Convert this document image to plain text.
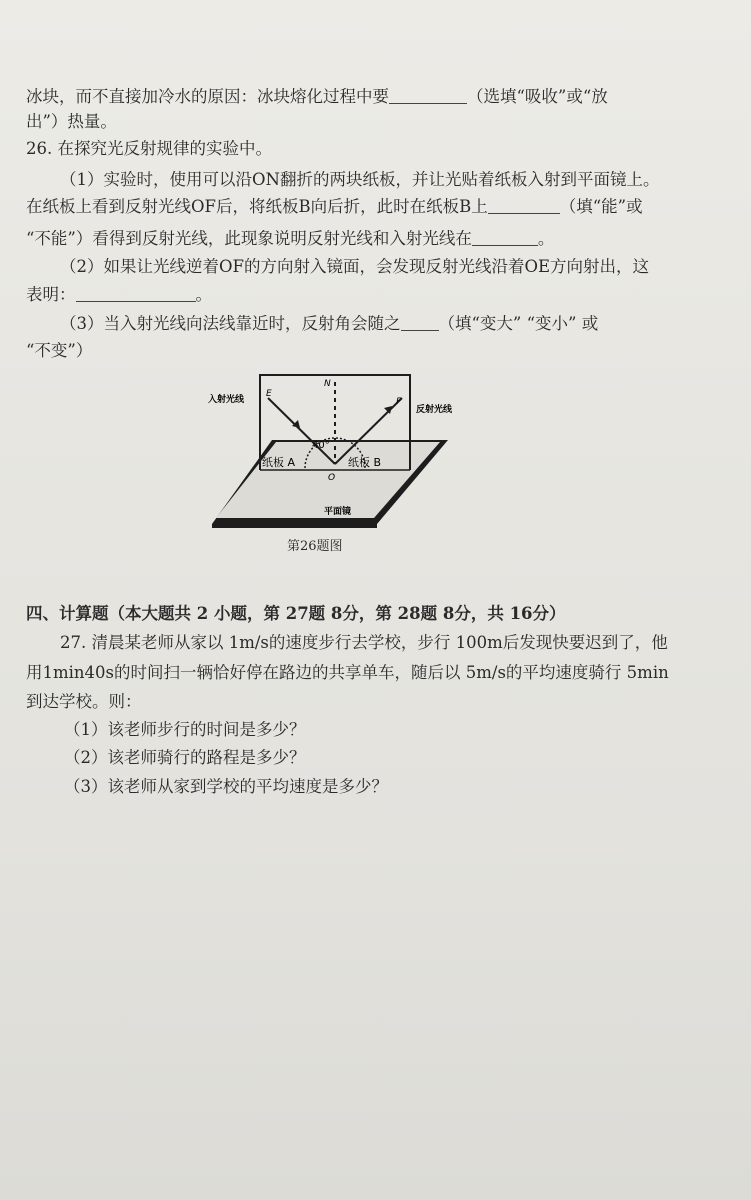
冰块，而不直接加冷水的原因：冰块熔化过程中要	（选填“吸收”或“放
出”）热量。
26. 在探究光反射规律的实验中。
（1）实验时，使用可以沿ON翻折的两块纸板，并让光贴着纸板入射到平面镜上。
在纸板上看到反射光线OF后，将纸板B向后折，此时在纸板B上	（填“能”或
“不能”）看得到反射光线，此现象说明反射光线和入射光线在	。
（2）如果让光线逆着OF的方向射入镜面，会发现反射光线沿着OE方向射出，这
表明：	。
（3）当入射光线向法线靠近时，反射角会随之 （填“变大” “变小” 或
“不变”）
入射光线
反射光线
N
E
F
40°
纸板 A	纸板 B
O
平面镜
第26题图
四、计算题（本大题共 2 小题，第 27题 8分，第 28题 8分，共 16分）
27. 清晨某老师从家以 1m/s的速度步行去学校，步行 100m后发现快要迟到了，他
用1min40s的时间扫一辆恰好停在路边的共享单车，随后以 5m/s的平均速度骑行 5min
到达学校。则：
（1）该老师步行的时间是多少？
（2）该老师骑行的路程是多少？
（3）该老师从家到学校的平均速度是多少？
